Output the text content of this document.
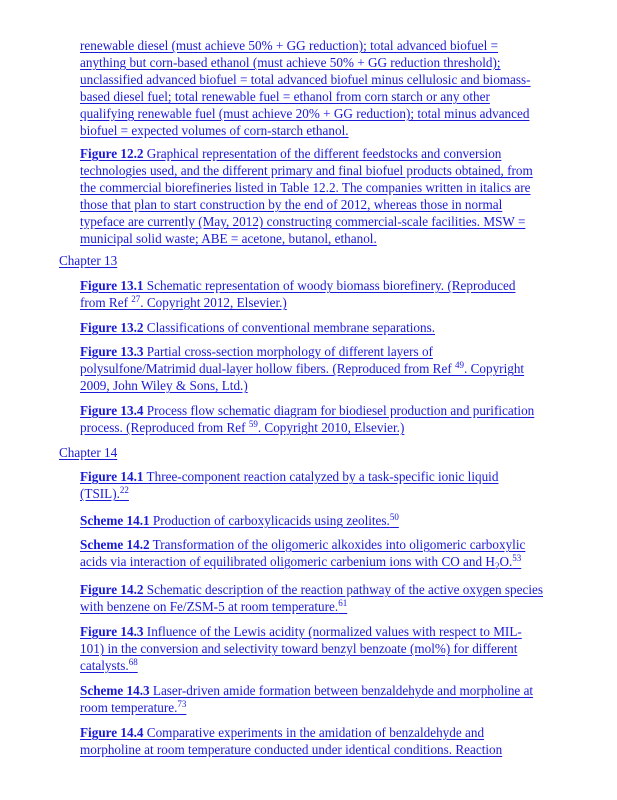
renewable diesel (must achieve 50% + GG reduction); total advanced biofuel =
anything but corn-based ethanol (must achieve 50% + GG reduction threshold);
unclassified advanced biofuel = total advanced biofuel minus cellulosic and biomass-
based diesel fuel; total renewable fuel = ethanol from corn starch or any other
qualifying renewable fuel (must achieve 20% + GG reduction); total minus advanced
biofuel = expected volumes of corn-starch ethanol.
Figure 12.2 Graphical representation of the different feedstocks and conversion
technologies used, and the different primary and final biofuel products obtained, from
the commercial biorefineries listed in Table 12.2. The companies written in italics are
those that plan to start construction by the end of 2012, whereas those in normal
typeface are currently (May, 2012) constructing commercial-scale facilities. MSW =
municipal solid waste; ABE = acetone, butanol, ethanol.
Chapter 13
Figure 13.1 Schematic representation of woody biomass biorefinery. (Reproduced
from Ref $^{27}$. Copyright 2012, Elsevier.)
Figure 13.2 Classifications of conventional membrane separations.
Figure 13.3 Partial cross-section morphology of different layers of
polysulfone/Matrimid dual-layer hollow fibers. (Reproduced from Ref $^{49}$. Copyright
2009, John Wiley & Sons, Ltd.)
Figure 13.4 Process flow schematic diagram for biodiesel production and purification
process. (Reproduced from Ref $^{59}$. Copyright 2010, Elsevier.)
Chapter 14
Figure 14.1 Three-component reaction catalyzed by a task-specific ionic liquid
(TSIL).$^{22}$
Scheme 14.1 Production of carboxylicacids using zeolites.$^{50}$
Scheme 14.2 Transformation of the oligomeric alkoxides into oligomeric carboxylic
acids via interaction of equilibrated oligomeric carbenium ions with CO and $H_2O.^{53}$
Figure 14.2 Schematic description of the reaction pathway of the active oxygen species
with benzene on Fe/ZSM-5 at room temperature.$^{61}$
Figure 14.3 Influence of the Lewis acidity (normalized values with respect to MIL-
101) in the conversion and selectivity toward benzyl benzoate (mol%) for different
catalysts.$^{68}$
Scheme 14.3 Laser-driven amide formation between benzaldehyde and morpholine at
room temperature.$^{73}$
Figure 14.4 Comparative experiments in the amidation of benzaldehyde and
morpholine at room temperature conducted under identical conditions. Reaction
